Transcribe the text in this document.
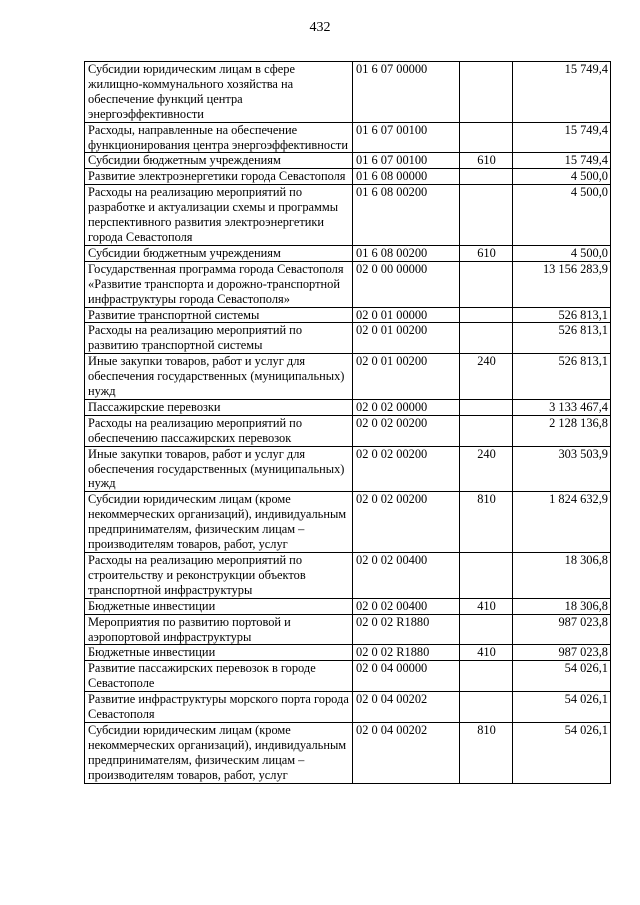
432
Субсидии юридическим лицам в сфере жилищно-коммунального хозяйства на обеспечение функций центра энергоэффективности	01 6 07 00000		15 749,4
Расходы, направленные на обеспечение функционирования центра энергоэффективности	01 6 07 00100		15 749,4
Субсидии бюджетным учреждениям	01 6 07 00100	610	15 749,4
Развитие электроэнергетики города Севастополя	01 6 08 00000		4 500,0
Расходы на реализацию мероприятий по разработке и актуализации схемы и программы перспективного развития электроэнергетики города Севастополя	01 6 08 00200		4 500,0
Субсидии бюджетным учреждениям	01 6 08 00200	610	4 500,0
Государственная программа города Севастополя «Развитие транспорта и дорожно-транспортной инфраструктуры города Севастополя»	02 0 00 00000		13 156 283,9
Развитие транспортной системы	02 0 01 00000		526 813,1
Расходы на реализацию мероприятий по развитию транспортной системы	02 0 01 00200		526 813,1
Иные закупки товаров, работ и услуг для обеспечения государственных (муниципальных) нужд	02 0 01 00200	240	526 813,1
Пассажирские перевозки	02 0 02 00000		3 133 467,4
Расходы на реализацию мероприятий по обеспечению пассажирских перевозок	02 0 02 00200		2 128 136,8
Иные закупки товаров, работ и услуг для обеспечения государственных (муниципальных) нужд	02 0 02 00200	240	303 503,9
Субсидии юридическим лицам (кроме некоммерческих организаций), индивидуальным предпринимателям, физическим лицам – производителям товаров, работ, услуг	02 0 02 00200	810	1 824 632,9
Расходы на реализацию мероприятий по строительству и реконструкции объектов транспортной инфраструктуры	02 0 02 00400		18 306,8
Бюджетные инвестиции	02 0 02 00400	410	18 306,8
Мероприятия по развитию портовой и аэропортовой инфраструктуры	02 0 02 R1880		987 023,8
Бюджетные инвестиции	02 0 02 R1880	410	987 023,8
Развитие пассажирских перевозок в городе Севастополе	02 0 04 00000		54 026,1
Развитие инфраструктуры морского порта города Севастополя	02 0 04 00202		54 026,1
Субсидии юридическим лицам (кроме некоммерческих организаций), индивидуальным предпринимателям, физическим лицам – производителям товаров, работ, услуг	02 0 04 00202	810	54 026,1
